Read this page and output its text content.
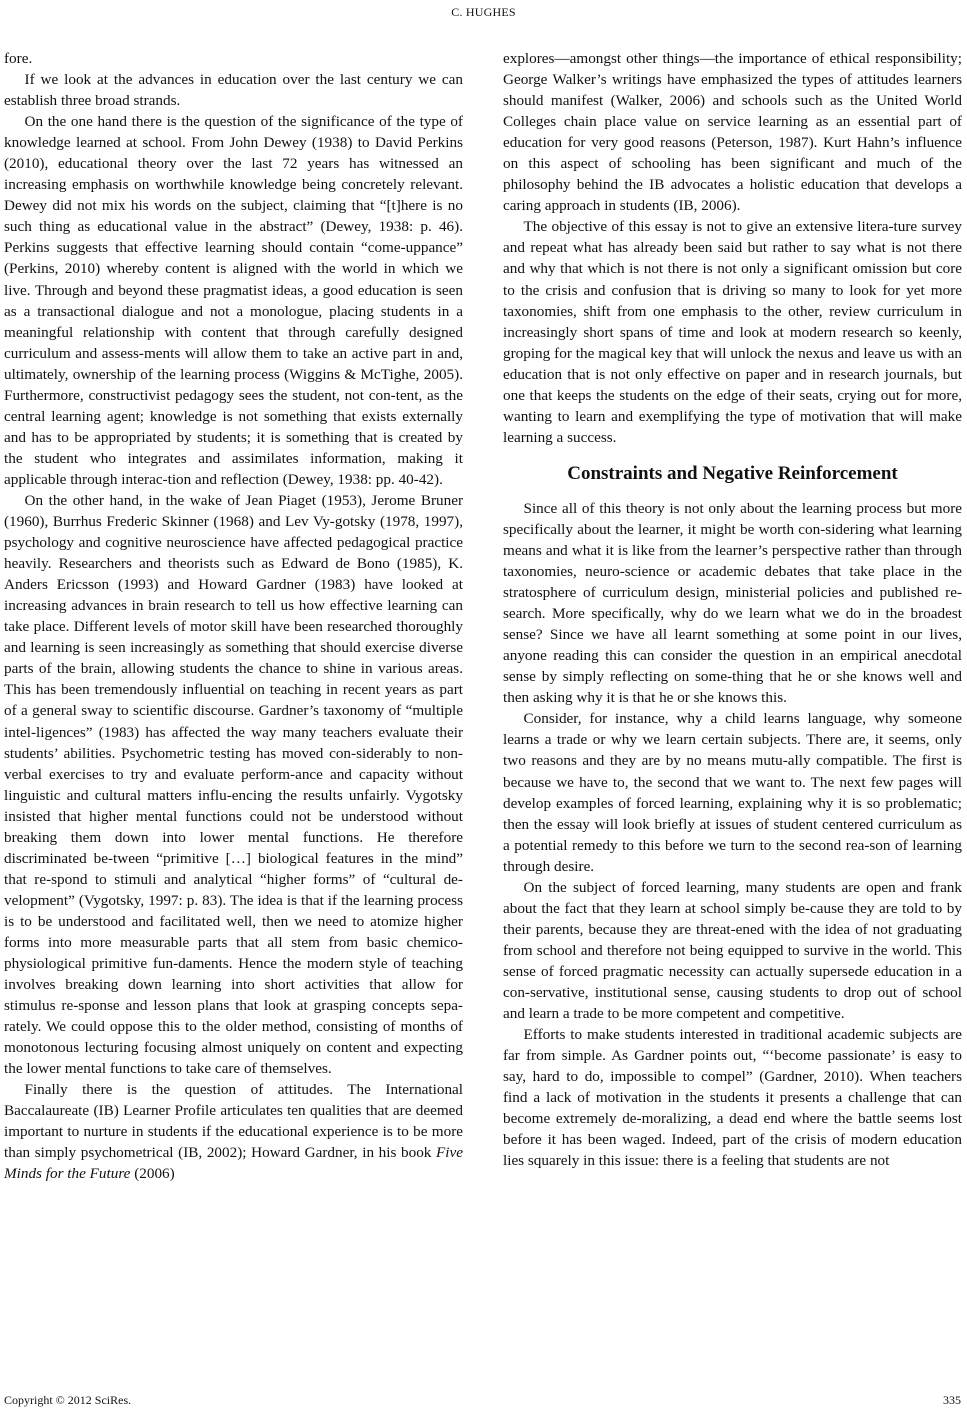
C. HUGHES

fore.

If we look at the advances in education over the last century we can establish three broad strands.

On the one hand there is the question of the significance of the type of knowledge learned at school. From John Dewey (1938) to David Perkins (2010), educational theory over the last 72 years has witnessed an increasing emphasis on worthwhile knowledge being concretely relevant. Dewey did not mix his words on the subject, claiming that “[t]here is no such thing as educational value in the abstract” (Dewey, 1938: p. 46). Perkins suggests that effective learning should contain “come-uppance” (Perkins, 2010) whereby content is aligned with the world in which we live. Through and beyond these pragmatist ideas, a good education is seen as a transactional dialogue and not a monologue, placing students in a meaningful relationship with content that through carefully designed curriculum and assess-ments will allow them to take an active part in and, ultimately, ownership of the learning process (Wiggins & McTighe, 2005). Furthermore, constructivist pedagogy sees the student, not con-tent, as the central learning agent; knowledge is not something that exists externally and has to be appropriated by students; it is something that is created by the student who integrates and assimilates information, making it applicable through interac-tion and reflection (Dewey, 1938: pp. 40-42).

On the other hand, in the wake of Jean Piaget (1953), Jerome Bruner (1960), Burrhus Frederic Skinner (1968) and Lev Vy-gotsky (1978, 1997), psychology and cognitive neuroscience have affected pedagogical practice heavily. Researchers and theorists such as Edward de Bono (1985), K. Anders Ericsson (1993) and Howard Gardner (1983) have looked at increasing advances in brain research to tell us how effective learning can take place. Different levels of motor skill have been researched thoroughly and learning is seen increasingly as something that should exercise diverse parts of the brain, allowing students the chance to shine in various areas. This has been tremendously influential on teaching in recent years as part of a general sway to scientific discourse. Gardner’s taxonomy of “multiple intel-ligences” (1983) has affected the way many teachers evaluate their students’ abilities. Psychometric testing has moved con-siderably to non-verbal exercises to try and evaluate perform-ance and capacity without linguistic and cultural matters influ-encing the results unfairly. Vygotsky insisted that higher mental functions could not be understood without breaking them down into lower mental functions. He therefore discriminated be-tween “primitive […] biological features in the mind” that re-spond to stimuli and analytical “higher forms” of “cultural de-velopment” (Vygotsky, 1997: p. 83). The idea is that if the learning process is to be understood and facilitated well, then we need to atomize higher forms into more measurable parts that all stem from basic chemico-physiological primitive fun-daments. Hence the modern style of teaching involves breaking down learning into short activities that allow for stimulus re-sponse and lesson plans that look at grasping concepts sepa-rately. We could oppose this to the older method, consisting of months of monotonous lecturing focusing almost uniquely on content and expecting the lower mental functions to take care of themselves.

Finally there is the question of attitudes. The International Baccalaureate (IB) Learner Profile articulates ten qualities that are deemed important to nurture in students if the educational experience is to be more than simply psychometrical (IB, 2002); Howard Gardner, in his book Five Minds for the Future (2006)

explores—amongst other things—the importance of ethical responsibility; George Walker’s writings have emphasized the types of attitudes learners should manifest (Walker, 2006) and schools such as the United World Colleges chain place value on service learning as an essential part of education for very good reasons (Peterson, 1987). Kurt Hahn’s influence on this aspect of schooling has been significant and much of the philosophy behind the IB advocates a holistic education that develops a caring approach in students (IB, 2006).

The objective of this essay is not to give an extensive litera-ture survey and repeat what has already been said but rather to say what is not there and why that which is not there is not only a significant omission but core to the crisis and confusion that is driving so many to look for yet more taxonomies, shift from one emphasis to the other, review curriculum in increasingly short spans of time and look at modern research so keenly, groping for the magical key that will unlock the nexus and leave us with an education that is not only effective on paper and in research journals, but one that keeps the students on the edge of their seats, crying out for more, wanting to learn and exemplifying the type of motivation that will make learning a success.

Constraints and Negative Reinforcement

Since all of this theory is not only about the learning process but more specifically about the learner, it might be worth con-sidering what learning means and what it is like from the learner’s perspective rather than through taxonomies, neuro-science or academic debates that take place in the stratosphere of curriculum design, ministerial policies and published re-search. More specifically, why do we learn what we do in the broadest sense? Since we have all learnt something at some point in our lives, anyone reading this can consider the question in an empirical anecdotal sense by simply reflecting on some-thing that he or she knows well and then asking why it is that he or she knows this.

Consider, for instance, why a child learns language, why someone learns a trade or why we learn certain subjects. There are, it seems, only two reasons and they are by no means mutu-ally compatible. The first is because we have to, the second that we want to. The next few pages will develop examples of forced learning, explaining why it is so problematic; then the essay will look briefly at issues of student centered curriculum as a potential remedy to this before we turn to the second rea-son of learning through desire.

On the subject of forced learning, many students are open and frank about the fact that they learn at school simply be-cause they are told to by their parents, because they are threat-ened with the idea of not graduating from school and therefore not being equipped to survive in the world. This sense of forced pragmatic necessity can actually supersede education in a con-servative, institutional sense, causing students to drop out of school and learn a trade to be more competent and competitive.

Efforts to make students interested in traditional academic subjects are far from simple. As Gardner points out, “‘become passionate’ is easy to say, hard to do, impossible to compel” (Gardner, 2010). When teachers find a lack of motivation in the students it presents a challenge that can become extremely de-moralizing, a dead end where the battle seems lost before it has been waged. Indeed, part of the crisis of modern education lies squarely in this issue: there is a feeling that students are not

Copyright © 2012 SciRes.	335
